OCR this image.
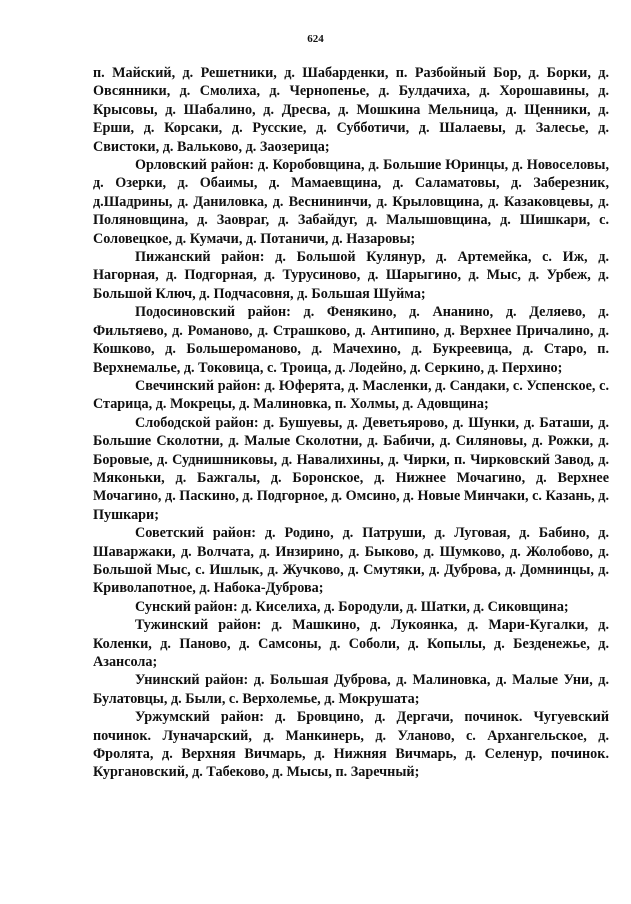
624

п. Майский, д. Решетники, д. Шабарденки, п. Разбойный Бор, д. Борки, д. Овсянники, д. Смолиха, д. Чернопенье, д. Булдачиха, д. Хорошавины, д. Крысовы, д. Шабалино, д. Дресва, д. Мошкина Мельница, д. Щенники, д. Ерши, д. Корсаки, д. Русские, д. Субботичи, д. Шалаевы, д. Залесье, д. Свистоки, д. Вальково, д. Заозерица;

Орловский район: д. Коробовщина, д. Большие Юринцы, д. Новоселовы, д. Озерки, д. Обаимы, д. Мамаевщина, д. Саламатовы, д. Заберезник, д.Шадрины, д. Даниловка, д. Веснининчи, д. Крыловщина, д. Казаковцевы, д. Поляновщина, д. Заовраг, д. Забайдуг, д. Малышовщина, д. Шишкари, с. Соловецкое, д. Кумачи, д. Потаничи, д. Назаровы;

Пижанский район: д. Большой Кулянур, д. Артемейка, с. Иж, д. Нагорная, д. Подгорная, д. Турусиново, д. Шарыгино, д. Мыс, д. Урбеж, д. Большой Ключ, д. Подчасовня, д. Большая Шуйма;

Подосиновский район: д. Фенякино, д. Ананино, д. Деляево, д. Фильтяево, д. Романово, д. Страшково, д. Антипино, д. Верхнее Причалино, д. Кошково, д. Большероманово, д. Мачехино, д. Букреевица, д. Старо, п. Верхнемалье, д. Токовица, с. Троица, д. Лодейно, д. Серкино, д. Перхино;

Свечинский район: д. Юферята, д. Масленки, д. Сандаки, с. Успенское, с. Старица, д. Мокрецы, д. Малиновка, п. Холмы, д. Адовщина;

Слободской район: д. Бушуевы, д. Деветьярово, д. Шунки, д. Баташи, д. Большие Сколотни, д. Малые Сколотни, д. Бабичи, д. Силяновы, д. Рожки, д. Боровые, д. Суднишниковы, д. Навалихины, д. Чирки, п. Чирковский Завод, д. Мяконьки, д. Бажгалы, д. Боронское, д. Нижнее Мочагино, д. Верхнее Мочагино, д. Паскино, д. Подгорное, д. Омсино, д. Новые Минчаки, с. Казань, д. Пушкари;

Советский район: д. Родино, д. Патруши, д. Луговая, д. Бабино, д. Шаваржаки, д. Волчата, д. Инзирино, д. Быково, д. Шумково, д. Жолобово, д. Большой Мыс, с. Ишлык, д. Жучково, д. Смутяки, д. Дуброва, д. Домнинцы, д. Криволапотное, д. Набока-Дуброва;

Сунский район: д. Киселиха, д. Бородули, д. Шатки, д. Сиковщина;

Тужинский район: д. Машкино, д. Лукоянка, д. Мари-Кугалки, д. Коленки, д. Паново, д. Самсоны, д. Соболи, д. Копылы, д. Безденежье, д. Азансола;

Унинский район: д. Большая Дуброва, д. Малиновка, д. Малые Уни, д. Булатовцы, д. Были, с. Верхолемье, д. Мокрушата;

Уржумский район: д. Бровцино, д. Дергачи, починок. Чугуевский починок. Луначарский, д. Манкинерь, д. Уланово, с. Архангельское, д. Фролята, д. Верхняя Вичмарь, д. Нижняя Вичмарь, д. Селенур, починок. Кургановский, д. Табеково, д. Мысы, п. Заречный;
